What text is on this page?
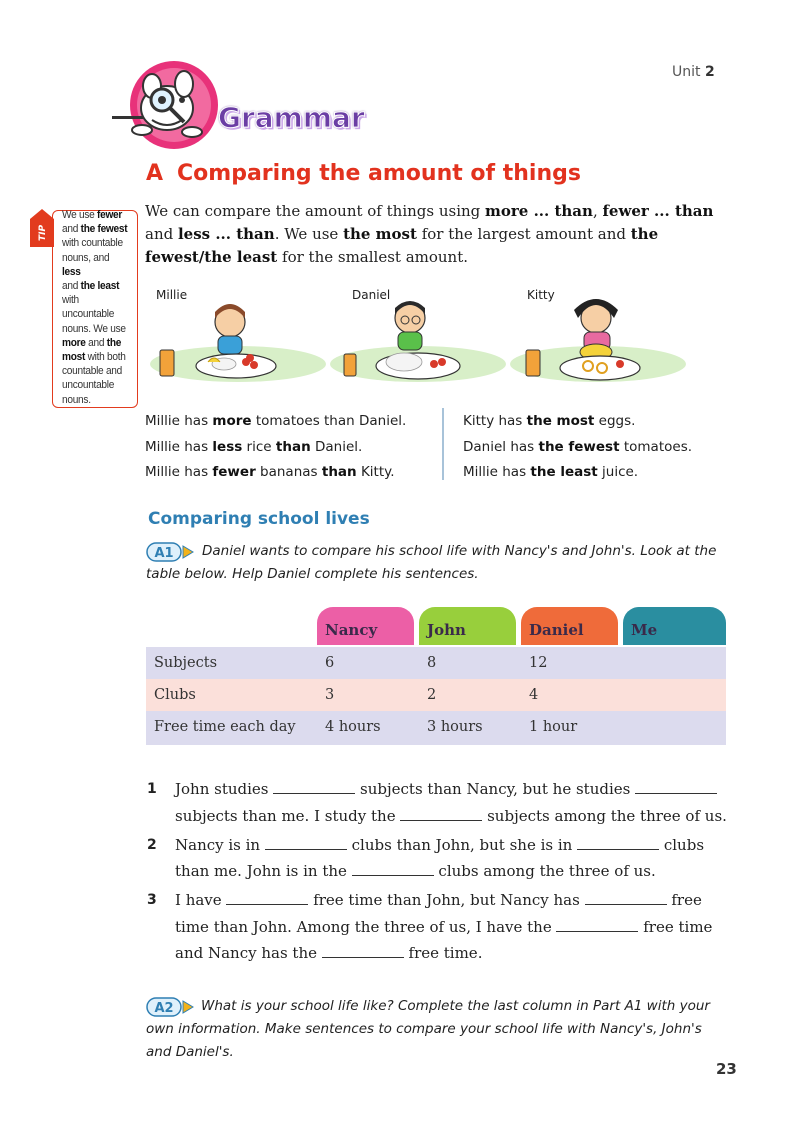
Unit 2
Grammar
A Comparing the amount of things
TIP
We use fewer
and the fewest
with countable
nouns, and less
and the least
with uncountable
nouns. We use
more and the
most with both
countable and
uncountable
nouns.
We can compare the amount of things using more ... than, fewer ... than
and less ... than. We use the most for the largest amount and the
fewest/the least for the smallest amount.
Millie	Daniel	Kitty
Millie has more tomatoes than Daniel.
Millie has less rice than Daniel.
Millie has fewer bananas than Kitty.
Kitty has the most eggs.
Daniel has the fewest tomatoes.
Millie has the least juice.
Comparing school lives
A1 Daniel wants to compare his school life with Nancy's and John's. Look at the
table below. Help Daniel complete his sentences.
Nancy	John	Daniel	Me
Subjects	6	8	12
Clubs	3	2	4
Free time each day	4 hours	3 hours	1 hour
1 John studies	subjects than Nancy, but he studies
subjects than me. I study the	subjects among the three of us.
2 Nancy is in	clubs than John, but she is in	clubs
than me. John is in the	clubs among the three of us.
3 I have	free time than John, but Nancy has	free
time than John. Among the three of us, I have the	free time
and Nancy has the	free time.
A2 What is your school life like? Complete the last column in Part A1 with your
own information. Make sentences to compare your school life with Nancy's, John's
and Daniel's.
23
